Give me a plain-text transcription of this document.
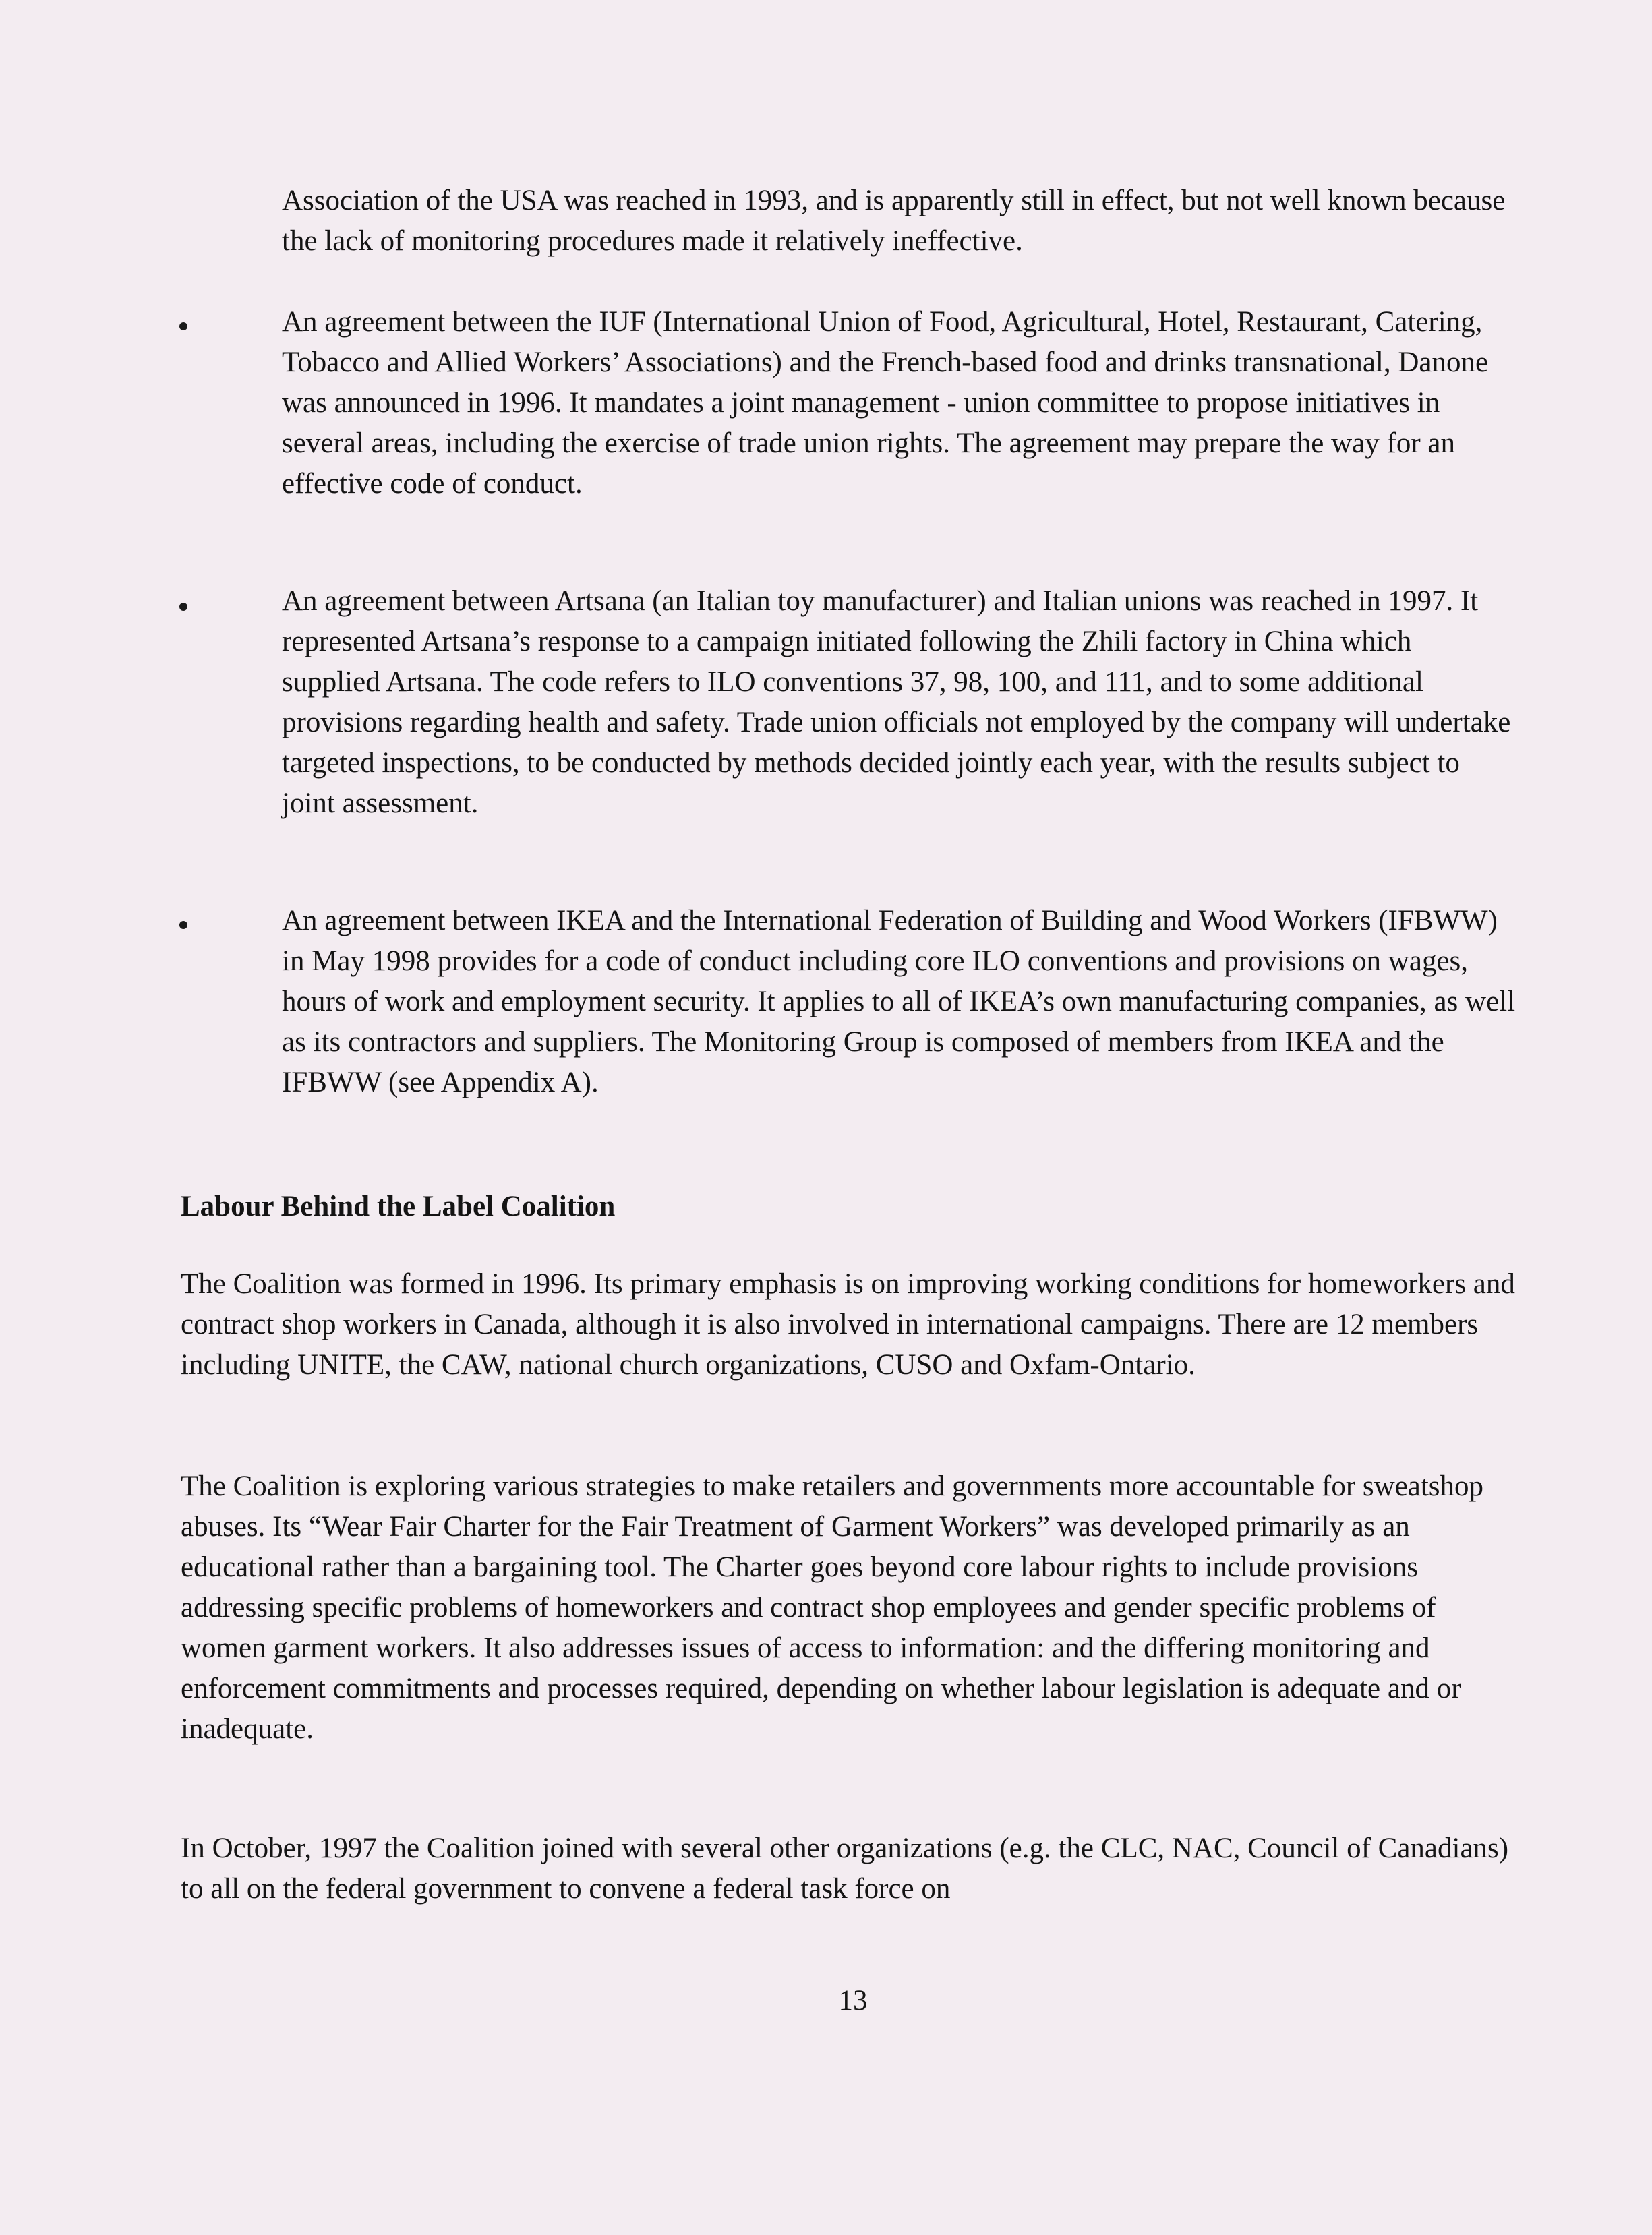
Association of the USA was reached in 1993, and is apparently still in effect, but not well known because the lack of monitoring procedures made it relatively ineffective.
An agreement between the IUF (International Union of Food, Agricultural, Hotel, Restaurant, Catering, Tobacco and Allied Workers’ Associations) and the French-based food and drinks transnational, Danone was announced in 1996. It mandates a joint management - union committee to propose initiatives in several areas, including the exercise of trade union rights. The agreement may prepare the way for an effective code of conduct.
An agreement between Artsana (an Italian toy manufacturer) and Italian unions was reached in 1997. It represented Artsana’s response to a campaign initiated following the Zhili factory in China which supplied Artsana. The code refers to ILO conventions 37, 98, 100, and 111, and to some additional provisions regarding health and safety. Trade union officials not employed by the company will undertake targeted inspections, to be conducted by methods decided jointly each year, with the results subject to joint assessment.
An agreement between IKEA and the International Federation of Building and Wood Workers (IFBWW) in May 1998 provides for a code of conduct including core ILO conventions and provisions on wages, hours of work and employment security. It applies to all of IKEA’s own manufacturing companies, as well as its contractors and suppliers. The Monitoring Group is composed of members from IKEA and the IFBWW (see Appendix A).
Labour Behind the Label Coalition
The Coalition was formed in 1996. Its primary emphasis is on improving working conditions for homeworkers and contract shop workers in Canada, although it is also involved in international campaigns. There are 12 members including UNITE, the CAW, national church organizations, CUSO and Oxfam-Ontario.
The Coalition is exploring various strategies to make retailers and governments more accountable for sweatshop abuses. Its “Wear Fair Charter for the Fair Treatment of Garment Workers” was developed primarily as an educational rather than a bargaining tool. The Charter goes beyond core labour rights to include provisions addressing specific problems of homeworkers and contract shop employees and gender specific problems of women garment workers. It also addresses issues of access to information: and the differing monitoring and enforcement commitments and processes required, depending on whether labour legislation is adequate and or inadequate.
In October, 1997 the Coalition joined with several other organizations (e.g. the CLC, NAC, Council of Canadians) to all on the federal government to convene a federal task force on
13
